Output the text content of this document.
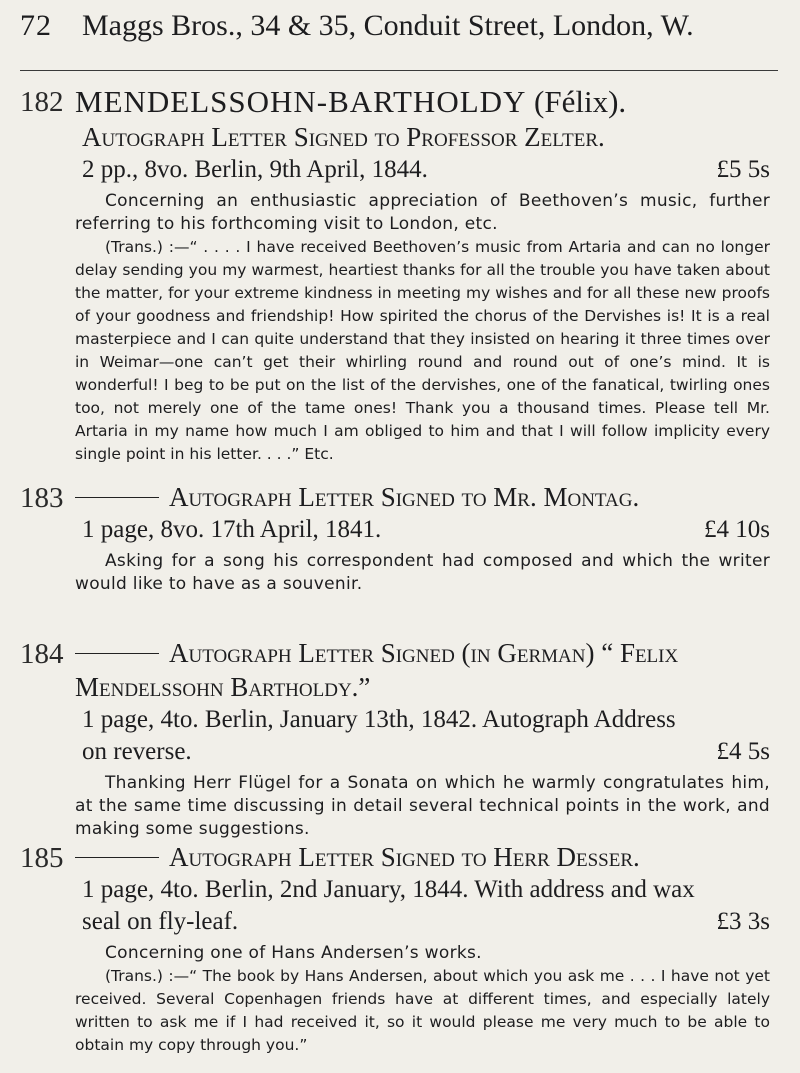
72 Maggs Bros., 34 & 35, Conduit Street, London, W.
182 MENDELSSOHN-BARTHOLDY (Félix).
Autograph Letter Signed to Professor Zelter.
2 pp., 8vo. Berlin, 9th April, 1844.	£5 5s

Concerning an enthusiastic appreciation of Beethoven’s music, further referring to his forthcoming visit to London, etc.

(Trans.) :—“ . . . . I have received Beethoven’s music from Artaria and can no longer delay sending you my warmest, heartiest thanks for all the trouble you have taken about the matter, for your extreme kindness in meeting my wishes and for all these new proofs of your goodness and friendship! How spirited the chorus of the Dervishes is! It is a real masterpiece and I can quite understand that they insisted on hearing it three times over in Weimar—one can’t get their whirling round and round out of one’s mind. It is wonderful! I beg to be put on the list of the dervishes, one of the fanatical, twirling ones too, not merely one of the tame ones! Thank you a thousand times. Please tell Mr. Artaria in my name how much I am obliged to him and that I will follow implicity every single point in his letter. . . .” Etc.

183	Autograph Letter Signed to Mr. Montag.
1 page, 8vo. 17th April, 1841.	£4 10s

Asking for a song his correspondent had composed and which the writer would like to have as a souvenir.

184	Autograph Letter Signed (in German) “ Felix Mendelssohn Bartholdy.”
1 page, 4to. Berlin, January 13th, 1842. Autograph Address on reverse.	£4 5s

Thanking Herr Flügel for a Sonata on which he warmly congratulates him, at the same time discussing in detail several technical points in the work, and making some suggestions.

185	Autograph Letter Signed to Herr Desser.
1 page, 4to. Berlin, 2nd January, 1844. With address and wax seal on fly-leaf.	£3 3s

Concerning one of Hans Andersen’s works.

(Trans.) :—“ The book by Hans Andersen, about which you ask me . . . I have not yet received. Several Copenhagen friends have at different times, and especially lately written to ask me if I had received it, so it would please me very much to be able to obtain my copy through you.”
